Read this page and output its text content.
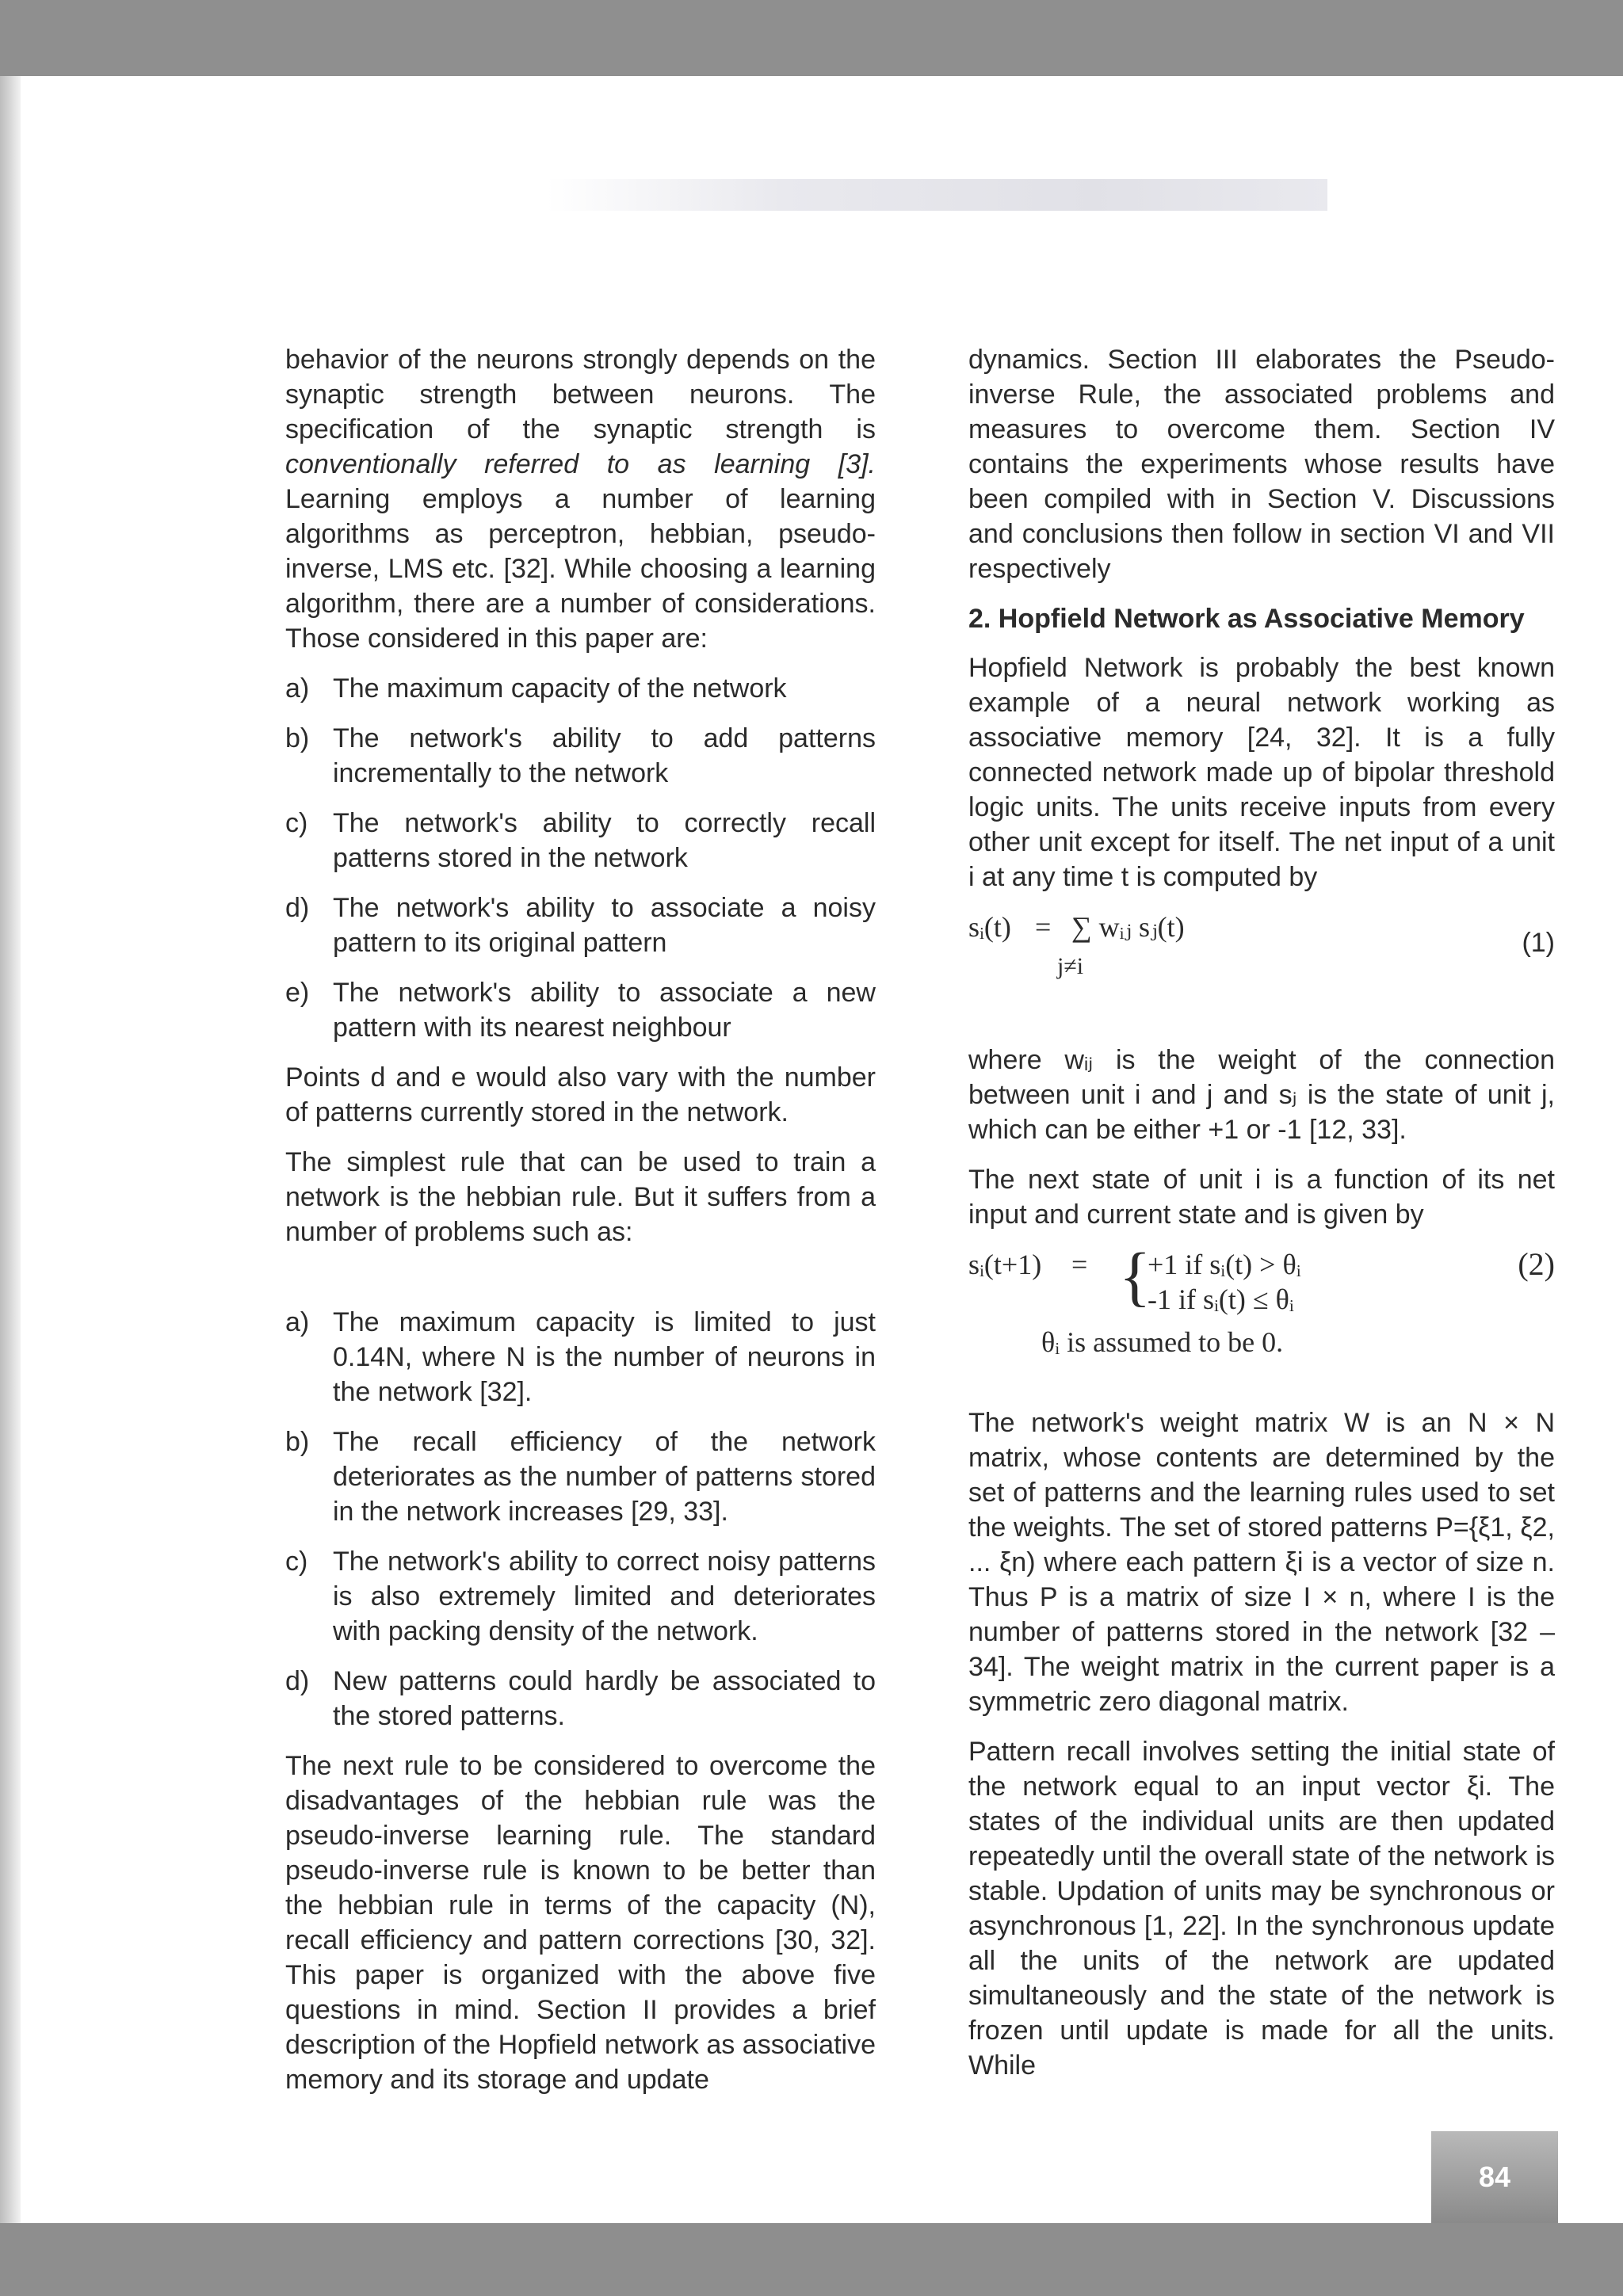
behavior of the neurons strongly depends on the synaptic strength between neurons. The specification of the synaptic strength is conventionally referred to as learning [3]. Learning employs a number of learning algorithms as perceptron, hebbian, pseudo-inverse, LMS etc. [32]. While choosing a learning algorithm, there are a number of considerations. Those considered in this paper are:

a) The maximum capacity of the network
b) The network's ability to add patterns incrementally to the network
c) The network's ability to correctly recall patterns stored in the network
d) The network's ability to associate a noisy pattern to its original pattern
e) The network's ability to associate a new pattern with its nearest neighbour

Points d and e would also vary with the number of patterns currently stored in the network.

The simplest rule that can be used to train a network is the hebbian rule. But it suffers from a number of problems such as:

a) The maximum capacity is limited to just 0.14N, where N is the number of neurons in the network [32].
b) The recall efficiency of the network deteriorates as the number of patterns stored in the network increases [29, 33].
c) The network's ability to correct noisy patterns is also extremely limited and deteriorates with packing density of the network.
d) New patterns could hardly be associated to the stored patterns.

The next rule to be considered to overcome the disadvantages of the hebbian rule was the pseudo-inverse learning rule. The standard pseudo-inverse rule is known to be better than the hebbian rule in terms of the capacity (N), recall efficiency and pattern corrections [30, 32]. This paper is organized with the above five questions in mind. Section II provides a brief description of the Hopfield network as associative memory and its storage and update

dynamics. Section III elaborates the Pseudo-inverse Rule, the associated problems and measures to overcome them. Section IV contains the experiments whose results have been compiled with in Section V. Discussions and conclusions then follow in section VI and VII respectively

2. Hopfield Network as Associative Memory

Hopfield Network is probably the best known example of a neural network working as associative memory [24, 32]. It is a fully connected network made up of bipolar threshold logic units. The units receive inputs from every other unit except for itself. The net input of a unit i at any time t is computed by

sᵢ(t) = ∑ wᵢⱼ sⱼ(t)
j≠i
(1)

where wᵢⱼ is the weight of the connection between unit i and j and sⱼ is the state of unit j, which can be either +1 or -1 [12, 33].

The next state of unit i is a function of its net input and current state and is given by

sᵢ(t+1) = {
+1 if sᵢ(t) > θᵢ
-1 if sᵢ(t) ≤ θᵢ
(2)
θᵢ is assumed to be 0.

The network's weight matrix W is an N × N matrix, whose contents are determined by the set of patterns and the learning rules used to set the weights. The set of stored patterns P={ξ1, ξ2, ... ξn) where each pattern ξi is a vector of size n. Thus P is a matrix of size I × n, where I is the number of patterns stored in the network [32 – 34]. The weight matrix in the current paper is a symmetric zero diagonal matrix.

Pattern recall involves setting the initial state of the network equal to an input vector ξi. The states of the individual units are then updated repeatedly until the overall state of the network is stable. Updation of units may be synchronous or asynchronous [1, 22]. In the synchronous update all the units of the network are updated simultaneously and the state of the network is frozen until update is made for all the units. While

84
